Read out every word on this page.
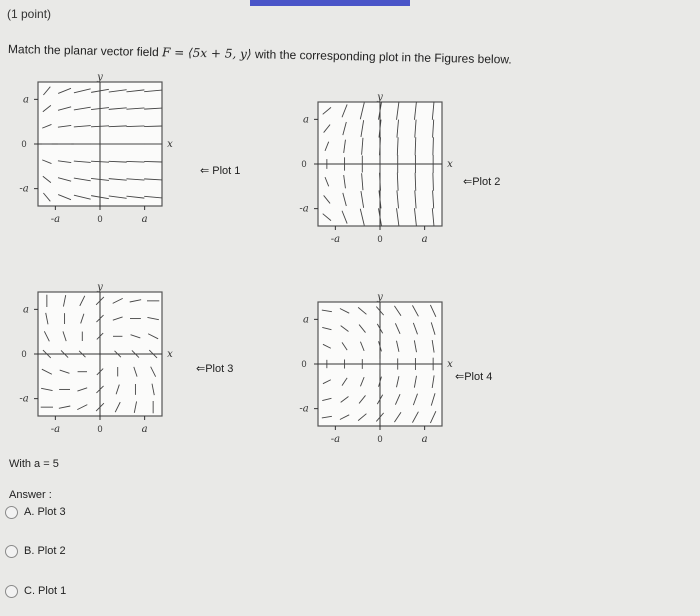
(1 point)
Match the planar vector field F = ⟨5x + 5, y⟩ with the corresponding plot in the Figures below.
y
x
a
0
-a
-a	0	a
⇐ Plot 1
y
x
a
0
-a
-a	0	a
⇐Plot 2
y
x
a
0
-a
-a	0	a
⇐Plot 3
y
x
a
0
-a
-a	0	a
⇐Plot 4
With a = 5
Answer :
A. Plot 3
B. Plot 2
C. Plot 1
